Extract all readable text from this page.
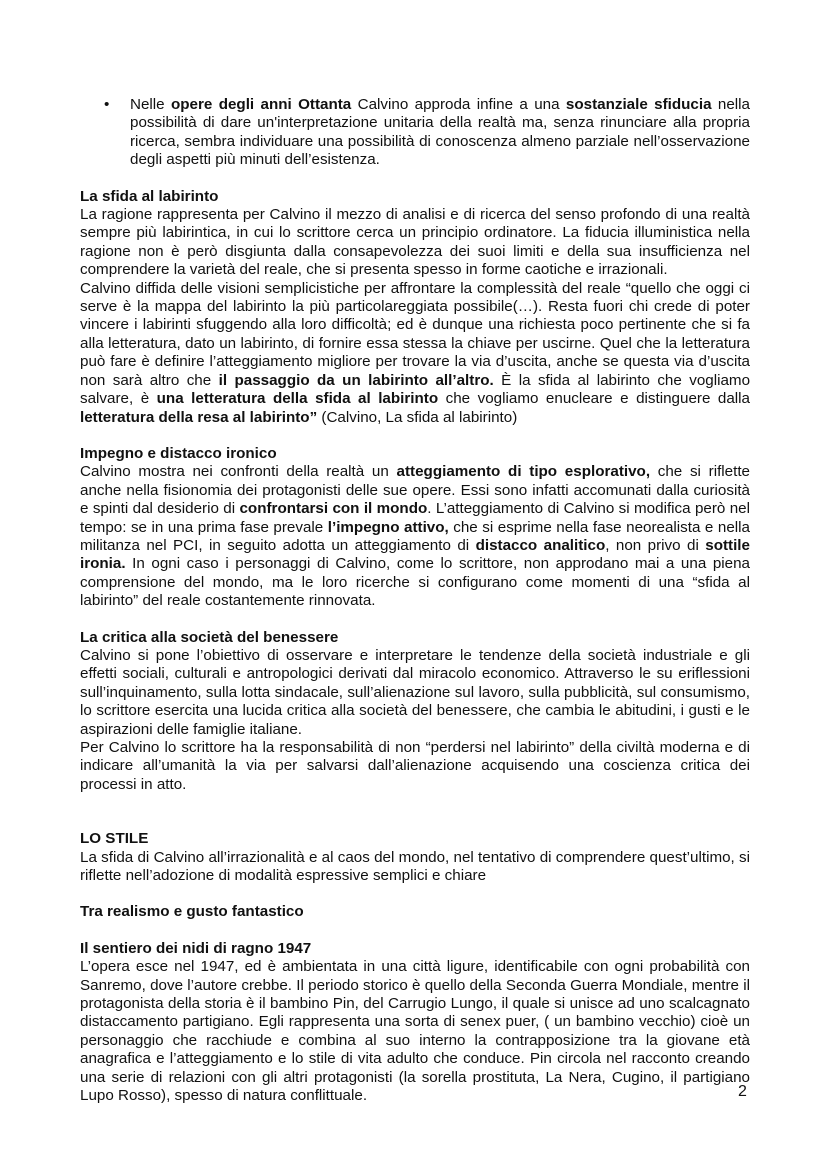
• Nelle opere degli anni Ottanta Calvino approda infine a una sostanziale sfiducia nella possibilità di dare un'interpretazione unitaria della realtà ma, senza rinunciare alla propria ricerca, sembra individuare una possibilità di conoscenza almeno parziale nell’osservazione degli aspetti più minuti dell’esistenza.

La sfida al labirinto

La ragione rappresenta per Calvino il mezzo di analisi e di ricerca del senso profondo di una realtà sempre più labirintica, in cui lo scrittore cerca un principio ordinatore. La fiducia illuministica nella ragione non è però disgiunta dalla consapevolezza dei suoi limiti e della sua insufficienza nel comprendere la varietà del reale, che si presenta spesso in forme caotiche e irrazionali.

Calvino diffida delle visioni semplicistiche per affrontare la complessità del reale “quello che oggi ci serve è la mappa del labirinto la più particolareggiata possibile(…). Resta fuori chi crede di poter vincere i labirinti sfuggendo alla loro difficoltà; ed è dunque una richiesta poco pertinente che si fa alla letteratura, dato un labirinto, di fornire essa stessa la chiave per uscirne. Quel che la letteratura può fare è definire l’atteggiamento migliore per trovare la via d’uscita, anche se questa via d’uscita non sarà altro che il passaggio da un labirinto all’altro. È la sfida al labirinto che vogliamo salvare, è una letteratura della sfida al labirinto che vogliamo enucleare e distinguere dalla letteratura della resa al labirinto” (Calvino, La sfida al labirinto)

Impegno e distacco ironico

Calvino mostra nei confronti della realtà un atteggiamento di tipo esplorativo, che si riflette anche nella fisionomia dei protagonisti delle sue opere. Essi sono infatti accomunati dalla curiosità e spinti dal desiderio di confrontarsi con il mondo. L’atteggiamento di Calvino si modifica però nel tempo: se in una prima fase prevale l’impegno attivo, che si esprime nella fase neorealista e nella militanza nel PCI, in seguito adotta un atteggiamento di distacco analitico, non privo di sottile ironia. In ogni caso i personaggi di Calvino, come lo scrittore, non approdano mai a una piena comprensione del mondo, ma le loro ricerche si configurano come momenti di una “sfida al labirinto” del reale costantemente rinnovata.

La critica alla società del benessere

Calvino si pone l’obiettivo di osservare e interpretare le tendenze della società industriale e gli effetti sociali, culturali e antropologici derivati dal miracolo economico. Attraverso le su eriflessioni sull’inquinamento, sulla lotta sindacale, sull’alienazione sul lavoro, sulla pubblicità, sul consumismo, lo scrittore esercita una lucida critica alla società del benessere, che cambia le abitudini, i gusti e le aspirazioni delle famiglie italiane.

Per Calvino lo scrittore ha la responsabilità di non “perdersi nel labirinto” della civiltà moderna e di indicare all’umanità la via per salvarsi dall’alienazione acquisendo una coscienza critica dei processi in atto.

LO STILE

La sfida di Calvino all’irrazionalità e al caos del mondo, nel tentativo di comprendere quest’ultimo, si riflette nell’adozione di modalità espressive semplici e chiare

Tra realismo e gusto fantastico
Il sentiero dei nidi di ragno 1947

L’opera esce nel 1947, ed è ambientata in una città ligure, identificabile con ogni probabilità con Sanremo, dove l’autore crebbe. Il periodo storico è quello della Seconda Guerra Mondiale, mentre il protagonista della storia è il bambino Pin, del Carrugio Lungo, il quale si unisce ad uno scalcagnato distaccamento partigiano. Egli rappresenta una sorta di senex puer, ( un bambino vecchio) cioè un personaggio che racchiude e combina al suo interno la contrapposizione tra la giovane età anagrafica e l’atteggiamento e lo stile di vita adulto che conduce. Pin circola nel racconto creando una serie di relazioni con gli altri protagonisti (la sorella prostituta, La Nera, Cugino, il partigiano Lupo Rosso), spesso di natura conflittuale.	2
